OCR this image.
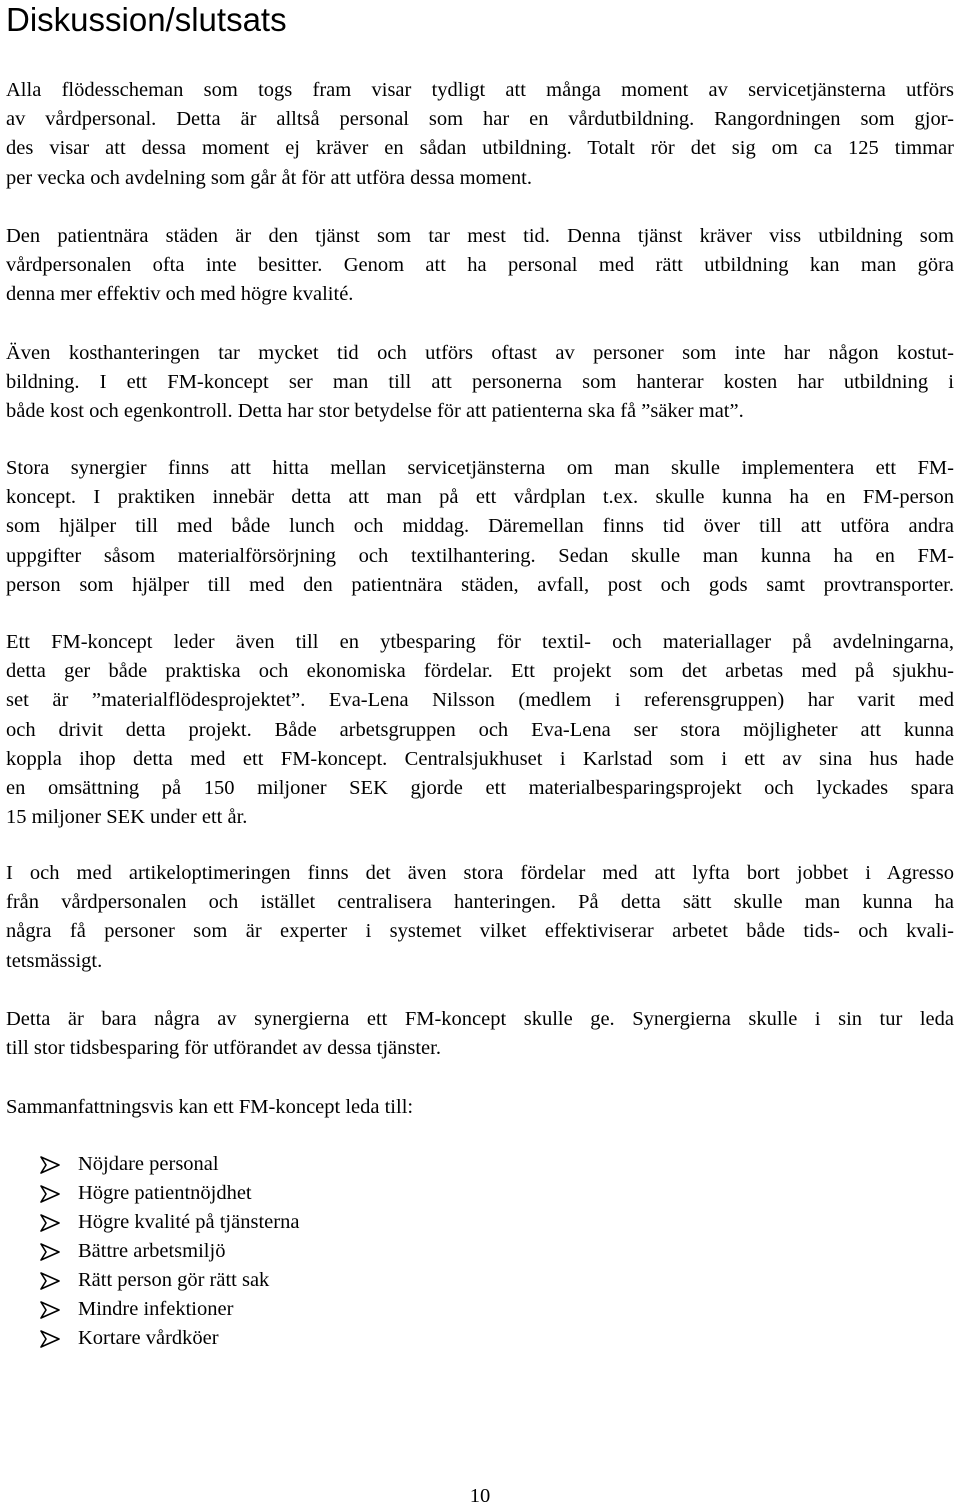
Diskussion/slutsats

Alla flödesscheman som togs fram visar tydligt att många moment av servicetjänsterna utförs
av vårdpersonal. Detta är alltså personal som har en vårdutbildning. Rangordningen som gjor-
des visar att dessa moment ej kräver en sådan utbildning. Totalt rör det sig om ca 125 timmar
per vecka och avdelning som går åt för att utföra dessa moment.

Den patientnära städen är den tjänst som tar mest tid. Denna tjänst kräver viss utbildning som
vårdpersonalen ofta inte besitter. Genom att ha personal med rätt utbildning kan man göra
denna mer effektiv och med högre kvalité.

Även kosthanteringen tar mycket tid och utförs oftast av personer som inte har någon kostut-
bildning. I ett FM-koncept ser man till att personerna som hanterar kosten har utbildning i
både kost och egenkontroll. Detta har stor betydelse för att patienterna ska få ”säker mat”.

Stora synergier finns att hitta mellan servicetjänsterna om man skulle implementera ett FM-
koncept. I praktiken innebär detta att man på ett vårdplan t.ex. skulle kunna ha en FM-person
som hjälper till med både lunch och middag. Däremellan finns tid över till att utföra andra
uppgifter såsom materialförsörjning och textilhantering. Sedan skulle man kunna ha en FM-
person som hjälper till med den patientnära städen, avfall, post och gods samt provtransporter.

Ett FM-koncept leder även till en ytbesparing för textil- och materiallager på avdelningarna,
detta ger både praktiska och ekonomiska fördelar. Ett projekt som det arbetas med på sjukhu-
set är ”materialflödesprojektet”. Eva-Lena Nilsson (medlem i referensgruppen) har varit med
och drivit detta projekt. Både arbetsgruppen och Eva-Lena ser stora möjligheter att kunna
koppla ihop detta med ett FM-koncept. Centralsjukhuset i Karlstad som i ett av sina hus hade
en omsättning på 150 miljoner SEK gjorde ett materialbesparingsprojekt och lyckades spara
15 miljoner SEK under ett år.

I och med artikeloptimeringen finns det även stora fördelar med att lyfta bort jobbet i Agresso
från vårdpersonalen och istället centralisera hanteringen. På detta sätt skulle man kunna ha
några få personer som är experter i systemet vilket effektiviserar arbetet både tids- och kvali-
tetsmässigt.

Detta är bara några av synergierna ett FM-koncept skulle ge. Synergierna skulle i sin tur leda
till stor tidsbesparing för utförandet av dessa tjänster.

Sammanfattningsvis kan ett FM-koncept leda till:

Nöjdare personal
Högre patientnöjdhet
Högre kvalité på tjänsterna
Bättre arbetsmiljö
Rätt person gör rätt sak
Mindre infektioner
Kortare vårdköer
10
